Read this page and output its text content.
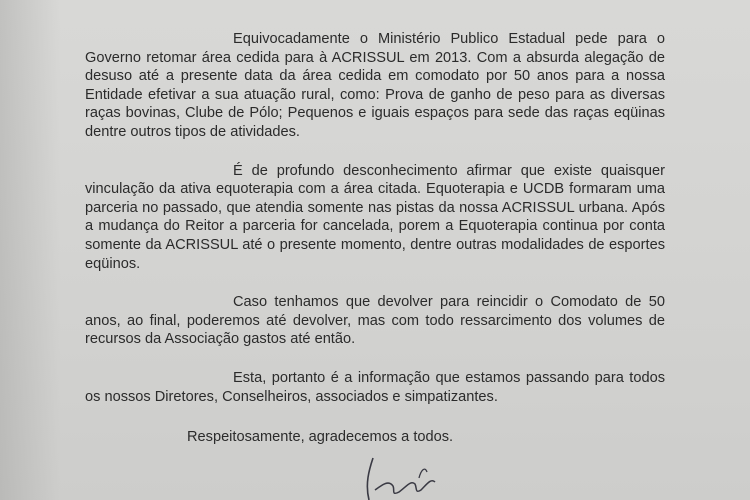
Equivocadamente o Ministério Publico Estadual pede para o Governo retomar área cedida para à ACRISSUL em 2013. Com a absurda alegação de desuso até a presente data da área cedida em comodato por 50 anos para a nossa Entidade efetivar a sua atuação rural, como: Prova de ganho de peso para as diversas raças bovinas, Clube de Pólo; Pequenos e iguais espaços para sede das raças eqüinas dentre outros tipos de atividades.

É de profundo desconhecimento afirmar que existe quaisquer vinculação da ativa equoterapia com a área citada. Equoterapia e UCDB formaram uma parceria no passado, que atendia somente nas pistas da nossa ACRISSUL urbana. Após a mudança do Reitor a parceria for cancelada, porem a Equoterapia continua por conta somente da ACRISSUL até o presente momento, dentre outras modalidades de esportes eqüinos.

Caso tenhamos que devolver para reincidir o Comodato de 50 anos, ao final, poderemos até devolver, mas com todo ressarcimento dos volumes de recursos da Associação gastos até então.

Esta, portanto é a informação que estamos passando para todos os nossos Diretores, Conselheiros, associados e simpatizantes.

Respeitosamente, agradecemos a todos.
